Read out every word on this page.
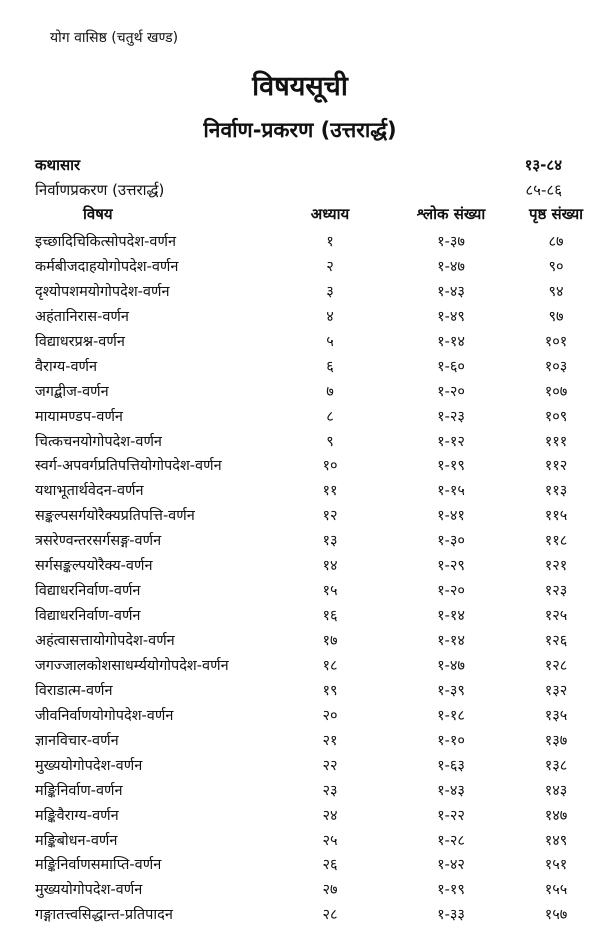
योग वासिष्ठ (चतुर्थ खण्ड)
विषयसूची
निर्वाण-प्रकरण (उत्तरार्द्ध)
कथासार	१३-८४
निर्वाणप्रकरण (उत्तरार्द्ध)	८५-८६
विषय	अध्याय	श्लोक संख्या	पृष्ठ संख्या
इच्छादिचिकित्सोपदेश-वर्णन	१	१-३७	८७
कर्मबीजदाहयोगोपदेश-वर्णन	२	१-४७	९०
दृश्योपशमयोगोपदेश-वर्णन	३	१-४३	९४
अहंतानिरास-वर्णन	४	१-४९	९७
विद्याधरप्रश्न-वर्णन	५	१-१४	१०१
वैराग्य-वर्णन	६	१-६०	१०३
जगद्बीज-वर्णन	७	१-२०	१०७
मायामण्डप-वर्णन	८	१-२३	१०९
चित्कचनयोगोपदेश-वर्णन	९	१-१२	१११
स्वर्ग-अपवर्गप्रतिपत्तियोगोपदेश-वर्णन	१०	१-१९	११२
यथाभूतार्थवेदन-वर्णन	११	१-१५	११३
सङ्कल्पसर्गयोरैक्यप्रतिपत्ति-वर्णन	१२	१-४१	११५
त्रसरेण्वन्तरसर्गसङ्ग-वर्णन	१३	१-३०	११८
सर्गसङ्कल्पयोरैक्य-वर्णन	१४	१-२९	१२१
विद्याधरनिर्वाण-वर्णन	१५	१-२०	१२३
विद्याधरनिर्वाण-वर्णन	१६	१-१४	१२५
अहंत्वासत्तायोगोपदेश-वर्णन	१७	१-१४	१२६
जगज्जालकोशसाधर्म्ययोगोपदेश-वर्णन	१८	१-४७	१२८
विराडात्म-वर्णन	१९	१-३९	१३२
जीवनिर्वाणयोगोपदेश-वर्णन	२०	१-१८	१३५
ज्ञानविचार-वर्णन	२१	१-१०	१३७
मुख्ययोगोपदेश-वर्णन	२२	१-६३	१३८
मङ्किनिर्वाण-वर्णन	२३	१-४३	१४३
मङ्किवैराग्य-वर्णन	२४	१-२२	१४७
मङ्किबोधन-वर्णन	२५	१-२८	१४९
मङ्किनिर्वाणसमाप्ति-वर्णन	२६	१-४२	१५१
मुख्ययोगोपदेश-वर्णन	२७	१-१९	१५५
गङ्गातत्त्वसिद्धान्त-प्रतिपादन	२८	१-३३	१५७
